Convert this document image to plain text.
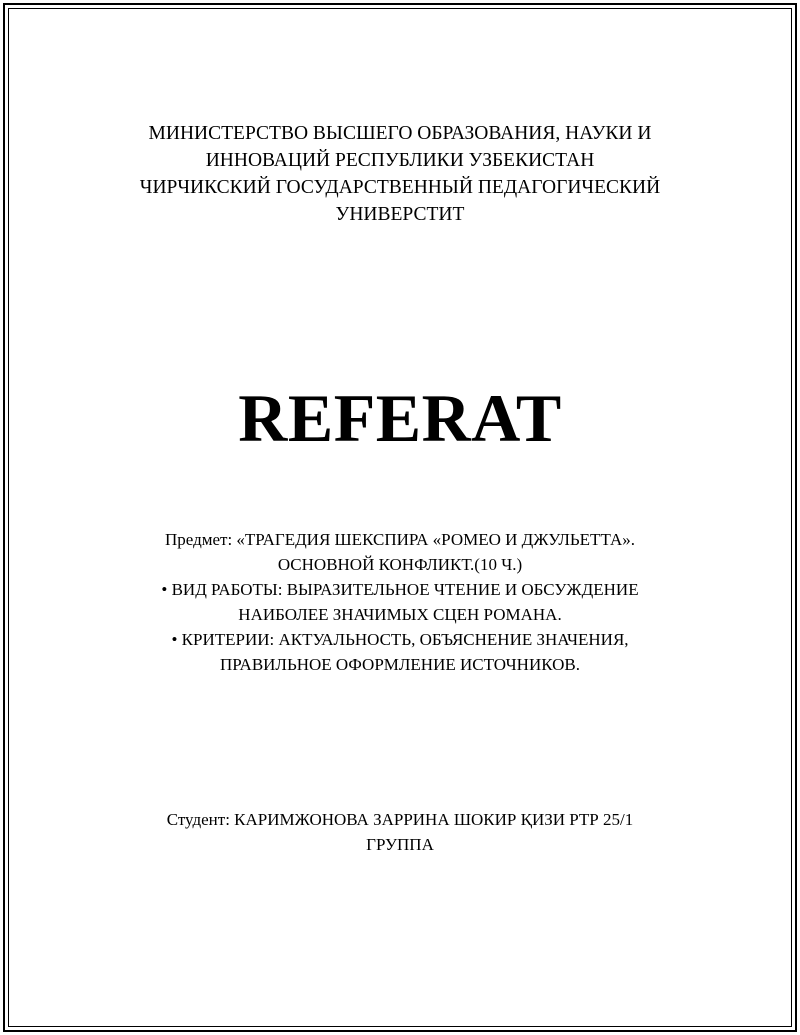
МИНИСТЕРСТВО ВЫСШЕГО ОБРАЗОВАНИЯ, НАУКИ И
ИННОВАЦИЙ РЕСПУБЛИКИ УЗБЕКИСТАН
ЧИРЧИКСКИЙ ГОСУДАРСТВЕННЫЙ ПЕДАГОГИЧЕСКИЙ
УНИВЕРСТИТ
REFERAT
Предмет: «ТРАГЕДИЯ ШЕКСПИРА «РОМЕО И ДЖУЛЬЕТТА».
ОСНОВНОЙ КОНФЛИКТ.(10 Ч.)
• ВИД РАБОТЫ: ВЫРАЗИТЕЛЬНОЕ ЧТЕНИЕ И ОБСУЖДЕНИЕ
НАИБОЛЕЕ ЗНАЧИМЫХ СЦЕН РОМАНА.
• КРИТЕРИИ: АКТУАЛЬНОСТЬ, ОБЪЯСНЕНИЕ ЗНАЧЕНИЯ,
ПРАВИЛЬНОЕ ОФОРМЛЕНИЕ ИСТОЧНИКОВ.
Студент: КАРИМЖОНОВА ЗАРРИНА ШОКИР ҚИЗИ РТР 25/1
ГРУППА
